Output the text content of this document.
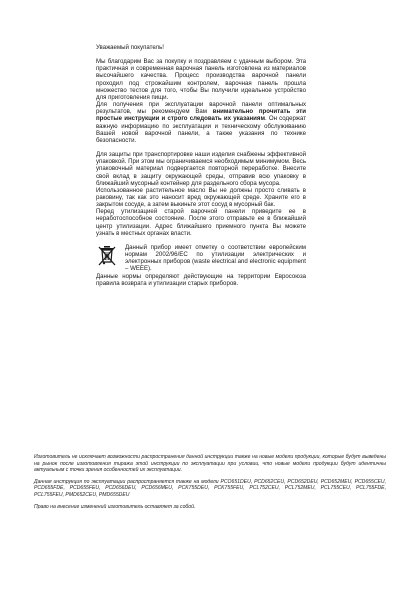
Уважаемый покупатель!

Мы благодарим Вас за покупку и поздравляем с удачным выбором. Эта практичная и современная варочная панель изготовлена из материалов высочайшего качества. Процесс производства варочной панели проходил под строжайшим контролем, варочная панель прошла множество тестов для того, чтобы Вы получили идеальное устройство для приготовления пищи.

Для получения при эксплуатации варочной панели оптимальных результатов, мы рекомендуем Вам внимательно прочитать эти простые инструкции и строго следовать их указаниям. Он содержат важную информацию по эксплуатации и техническому обслуживанию Вашей новой варочной панели, а также указания по технике безопасности.

Для защиты при транспортировке наши изделия снабжены эффективной упаковкой. При этом мы ограничиваемся необходимым минимумом. Весь упаковочный материал подвергается повторной переработке. Внесите свой вклад в защиту окружающей среды, отправив всю упаковку в ближайший мусорный контейнер для раздельного сбора мусора.

Использованное растительное масло Вы не должны просто сливать в раковину, так как это наносит вред окружающей среде. Храните его в закрытом сосуде, а затем выкиньте этот сосуд в мусорный бак.

Перед утилизацией старой варочной панели приведите ее в неработоспособное состояние. После этого отправьте ее в ближайший центр утилизации. Адрес ближайшего приемного пункта Вы можете узнать в местных органах власти.

Данный прибор имеет отметку о соответствии европейским нормам 2002/96/EC по утилизации электрических и электронных приборов (waste electrical and electronic equipment – WEEE).

Данные нормы определяют действующие на территории Евросоюза правила возврата и утилизации старых приборов.

Изготовитель не исключает возможности распространения данной инструкции также на новые модели продукции, которые будут выведены на рынок после изготовления тиража этой инструкции по эксплуатации при условии, что новые модели продукции будут идентичны актуальным с точки зрения особенностей их эксплуатации.

Данная инструкция по эксплуатации распространяется также на модели PCO651DEU, PCD652CEU, PCD652DEU, PCD652MEU, PCD655CEU, PCD655FDE, PCD655FEU, PCD656DEU, PCD656MEU, PCK755DEU, PCK755FEU, PCL752CEU, PCL752MEU, PCL755CEU, PCL755FDE, PCL755FEU, PMD652CEU, PMD655DEU

Право на внесение изменений изготовитель оставляет за собой.
